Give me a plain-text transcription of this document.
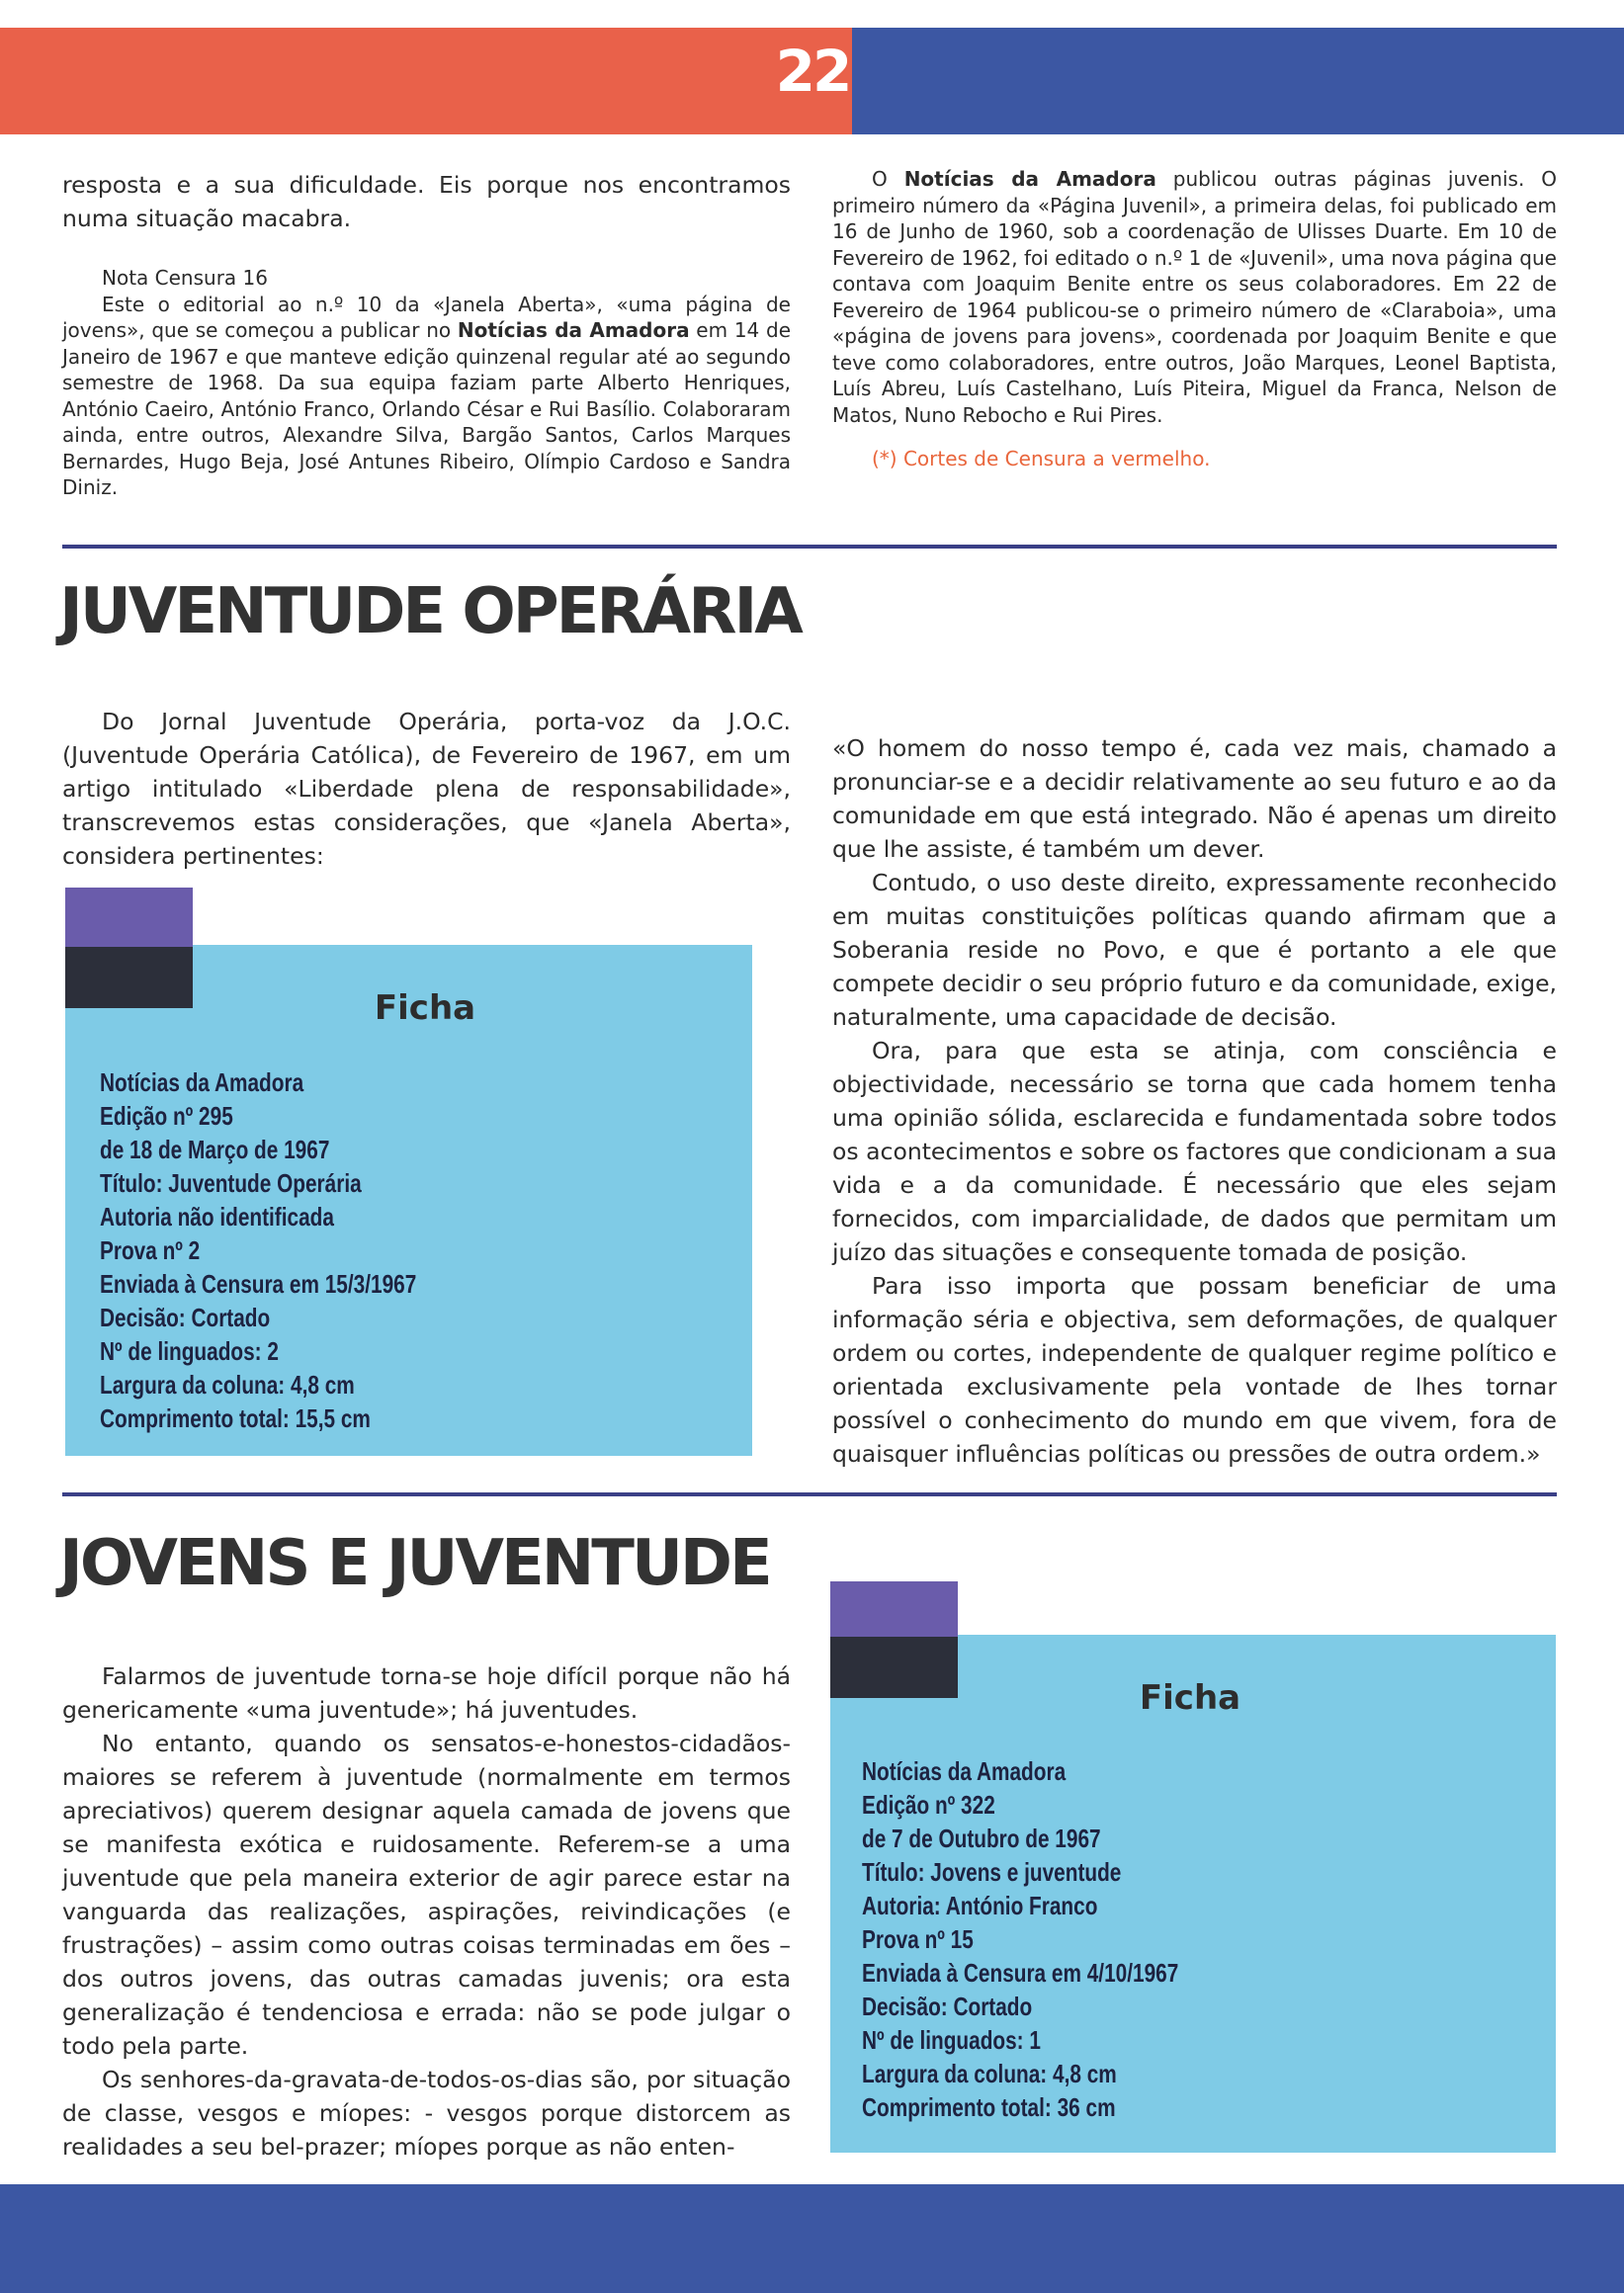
22

resposta e a sua dificuldade. Eis porque nos encontramos numa situação macabra.

Nota Censura 16

Este o editorial ao n.º 10 da «Janela Aberta», «uma página de jovens», que se começou a publicar no Notícias da Amadora em 14 de Janeiro de 1967 e que manteve edição quinzenal regular até ao segundo semestre de 1968. Da sua equipa faziam parte Alberto Henriques, António Caeiro, António Franco, Orlando César e Rui Basílio. Colaboraram ainda, entre outros, Alexandre Silva, Bargão Santos, Carlos Marques Bernardes, Hugo Beja, José Antunes Ribeiro, Olímpio Cardoso e Sandra Diniz.

O Notícias da Amadora publicou outras páginas juvenis. O primeiro número da «Página Juvenil», a primeira delas, foi publicado em 16 de Junho de 1960, sob a coordenação de Ulisses Duarte. Em 10 de Fevereiro de 1962, foi editado o n.º 1 de «Juvenil», uma nova página que contava com Joaquim Benite entre os seus colaboradores. Em 22 de Fevereiro de 1964 publicou-se o primeiro número de «Claraboia», uma «página de jovens para jovens», coordenada por Joaquim Benite e que teve como colaboradores, entre outros, João Marques, Leonel Baptista, Luís Abreu, Luís Castelhano, Luís Piteira, Miguel da Franca, Nelson de Matos, Nuno Rebocho e Rui Pires.

(*) Cortes de Censura a vermelho.

JUVENTUDE OPERÁRIA

Do Jornal Juventude Operária, porta-voz da J.O.C. (Juventude Operária Católica), de Fevereiro de 1967, em um artigo intitulado «Liberdade plena de responsabilidade», transcrevemos estas considerações, que «Janela Aberta», considera pertinentes:

«O homem do nosso tempo é, cada vez mais, chamado a pronunciar-se e a decidir relativamente ao seu futuro e ao da comunidade em que está integrado. Não é apenas um direito que lhe assiste, é também um dever.

Contudo, o uso deste direito, expressamente reconhecido em muitas constituições políticas quando afirmam que a Soberania reside no Povo, e que é portanto a ele que compete decidir o seu próprio futuro e da comunidade, exige, naturalmente, uma capacidade de decisão.

Ora, para que esta se atinja, com consciência e objectividade, necessário se torna que cada homem tenha uma opinião sólida, esclarecida e fundamentada sobre todos os acontecimentos e sobre os factores que condicionam a sua vida e a da comunidade. É necessário que eles sejam fornecidos, com imparcialidade, de dados que permitam um juízo das situações e consequente tomada de posição.

Para isso importa que possam beneficiar de uma informação séria e objectiva, sem deformações, de qualquer ordem ou cortes, independente de qualquer regime político e orientada exclusivamente pela vontade de lhes tornar possível o conhecimento do mundo em que vivem, fora de quaisquer influências políticas ou pressões de outra ordem.»

Ficha
Notícias da Amadora
Edição nº 295
de 18 de Março de 1967
Título: Juventude Operária
Autoria não identificada
Prova nº 2
Enviada à Censura em 15/3/1967
Decisão: Cortado
Nº de linguados: 2
Largura da coluna: 4,8 cm
Comprimento total: 15,5 cm
JOVENS E JUVENTUDE

Falarmos de juventude torna-se hoje difícil porque não há genericamente «uma juventude»; há juventudes.

No entanto, quando os sensatos-e-honestos-cidadãos-maiores se referem à juventude (normalmente em termos apreciativos) querem designar aquela camada de jovens que se manifesta exótica e ruidosamente. Referem-se a uma juventude que pela maneira exterior de agir parece estar na vanguarda das realizações, aspirações, reivindicações (e frustrações) – assim como outras coisas terminadas em ões – dos outros jovens, das outras camadas juvenis; ora esta generalização é tendenciosa e errada: não se pode julgar o todo pela parte.

Os senhores-da-gravata-de-todos-os-dias são, por situação de classe, vesgos e míopes: - vesgos porque distorcem as realidades a seu bel-prazer; míopes porque as não enten-

Ficha
Notícias da Amadora
Edição nº 322
de 7 de Outubro de 1967
Título: Jovens e juventude
Autoria: António Franco
Prova nº 15
Enviada à Censura em 4/10/1967
Decisão: Cortado
Nº de linguados: 1
Largura da coluna: 4,8 cm
Comprimento total: 36 cm
